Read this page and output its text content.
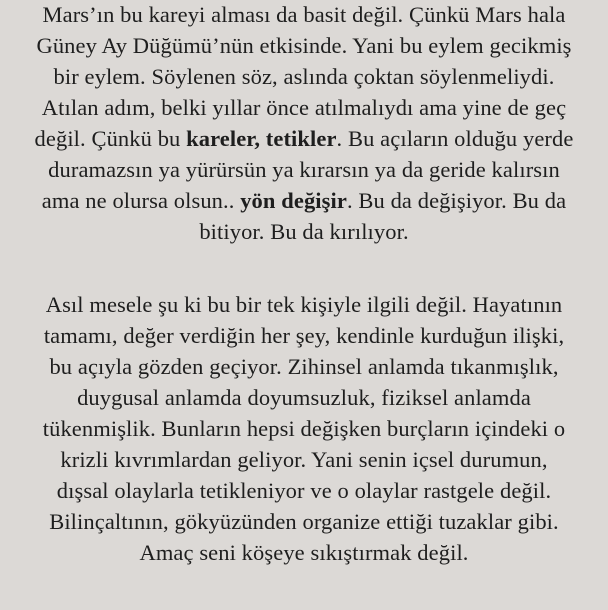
Mars’ın bu kareyi alması da basit değil. Çünkü Mars hala
Güney Ay Düğümü’nün etkisinde. Yani bu eylem gecikmiş
bir eylem. Söylenen söz, aslında çoktan söylenmeliydi.
Atılan adım, belki yıllar önce atılmalıydı ama yine de geç
değil. Çünkü bu kareler, tetikler. Bu açıların olduğu yerde
duramazsın ya yürürsün ya kırarsın ya da geride kalırsın
ama ne olursa olsun.. yön değişir. Bu da değişiyor. Bu da
bitiyor. Bu da kırılıyor.
Asıl mesele şu ki bu bir tek kişiyle ilgili değil. Hayatının
tamamı, değer verdiğin her şey, kendinle kurduğun ilişki,
bu açıyla gözden geçiyor. Zihinsel anlamda tıkanmışlık,
duygusal anlamda doyumsuzluk, fiziksel anlamda
tükenmişlik. Bunların hepsi değişken burçların içindeki o
krizli kıvrımlardan geliyor. Yani senin içsel durumun,
dışsal olaylarla tetikleniyor ve o olaylar rastgele değil.
Bilinçaltının, gökyüzünden organize ettiği tuzaklar gibi.
Amaç seni köşeye sıkıştırmak değil.
